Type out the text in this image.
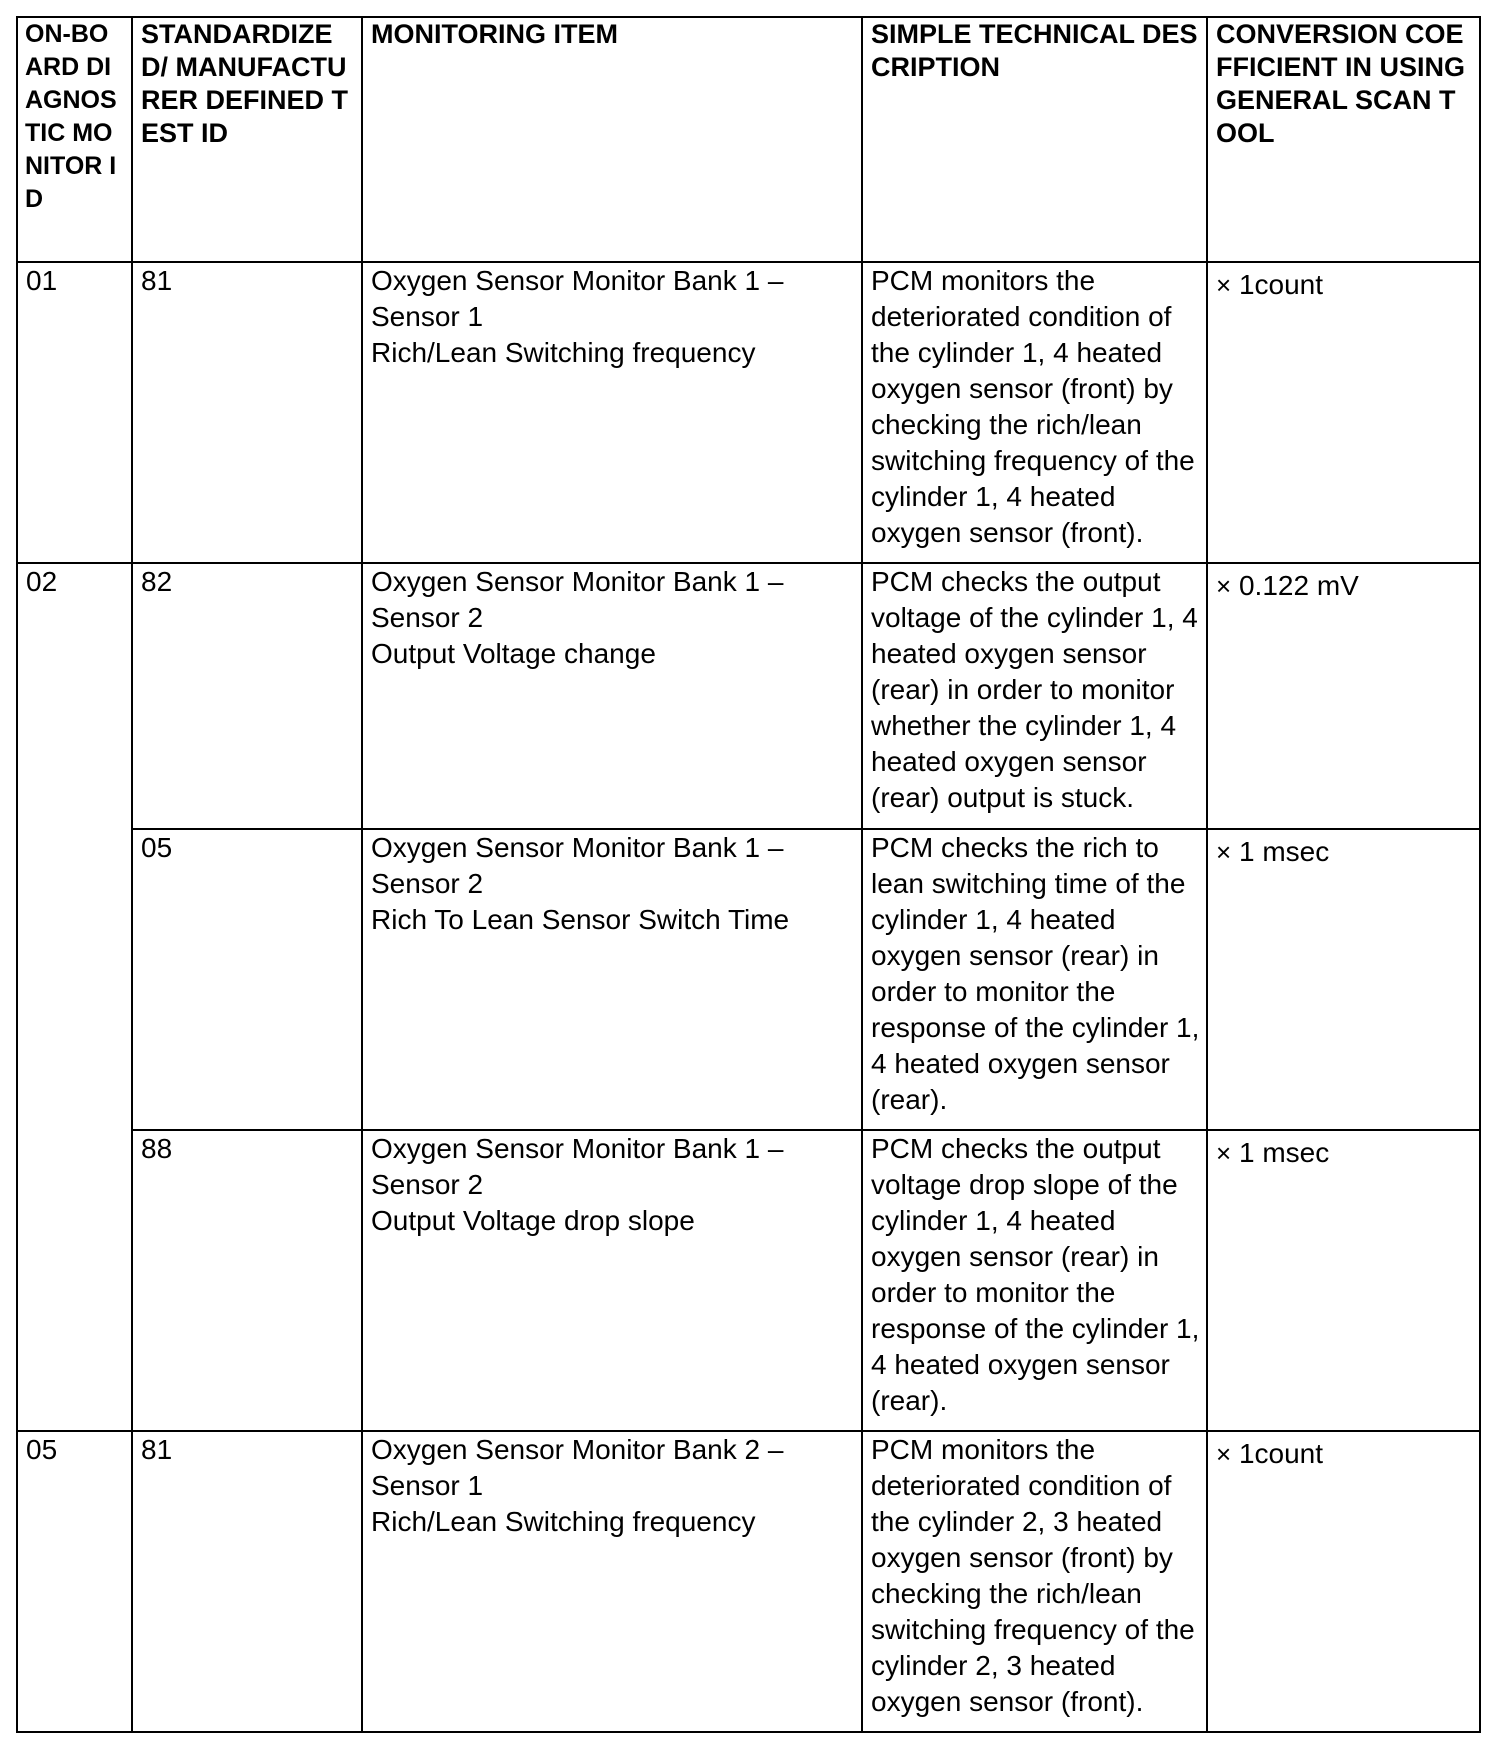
ON-BOARD DIAGNOSTIC MONITOR ID	STANDARDIZED/ MANUFACTURER DEFINED TEST ID	MONITORING ITEM	SIMPLE TECHNICAL DESCRIPTION	CONVERSION COEFFICIENT IN USING GENERAL SCAN TOOL

01	81	Oxygen Sensor Monitor Bank 1 –
Sensor 1
Rich/Lean Switching frequency	PCM monitors the deteriorated condition of the cylinder 1, 4 heated oxygen sensor (front) by checking the rich/lean switching frequency of the cylinder 1, 4 heated oxygen sensor (front).	× 1count

02	82	Oxygen Sensor Monitor Bank 1 –
Sensor 2
Output Voltage change	PCM checks the output voltage of the cylinder 1, 4 heated oxygen sensor (rear) in order to monitor whether the cylinder 1, 4 heated oxygen sensor (rear) output is stuck.	× 0.122 mV

	05	Oxygen Sensor Monitor Bank 1 –
Sensor 2
Rich To Lean Sensor Switch Time	PCM checks the rich to lean switching time of the cylinder 1, 4 heated oxygen sensor (rear) in order to monitor the response of the cylinder 1, 4 heated oxygen sensor (rear).	× 1 msec

	88	Oxygen Sensor Monitor Bank 1 –
Sensor 2
Output Voltage drop slope	PCM checks the output voltage drop slope of the cylinder 1, 4 heated oxygen sensor (rear) in order to monitor the response of the cylinder 1, 4 heated oxygen sensor (rear).	× 1 msec

05	81	Oxygen Sensor Monitor Bank 2 –
Sensor 1
Rich/Lean Switching frequency	PCM monitors the deteriorated condition of the cylinder 2, 3 heated oxygen sensor (front) by checking the rich/lean switching frequency of the cylinder 2, 3 heated oxygen sensor (front).	× 1count
